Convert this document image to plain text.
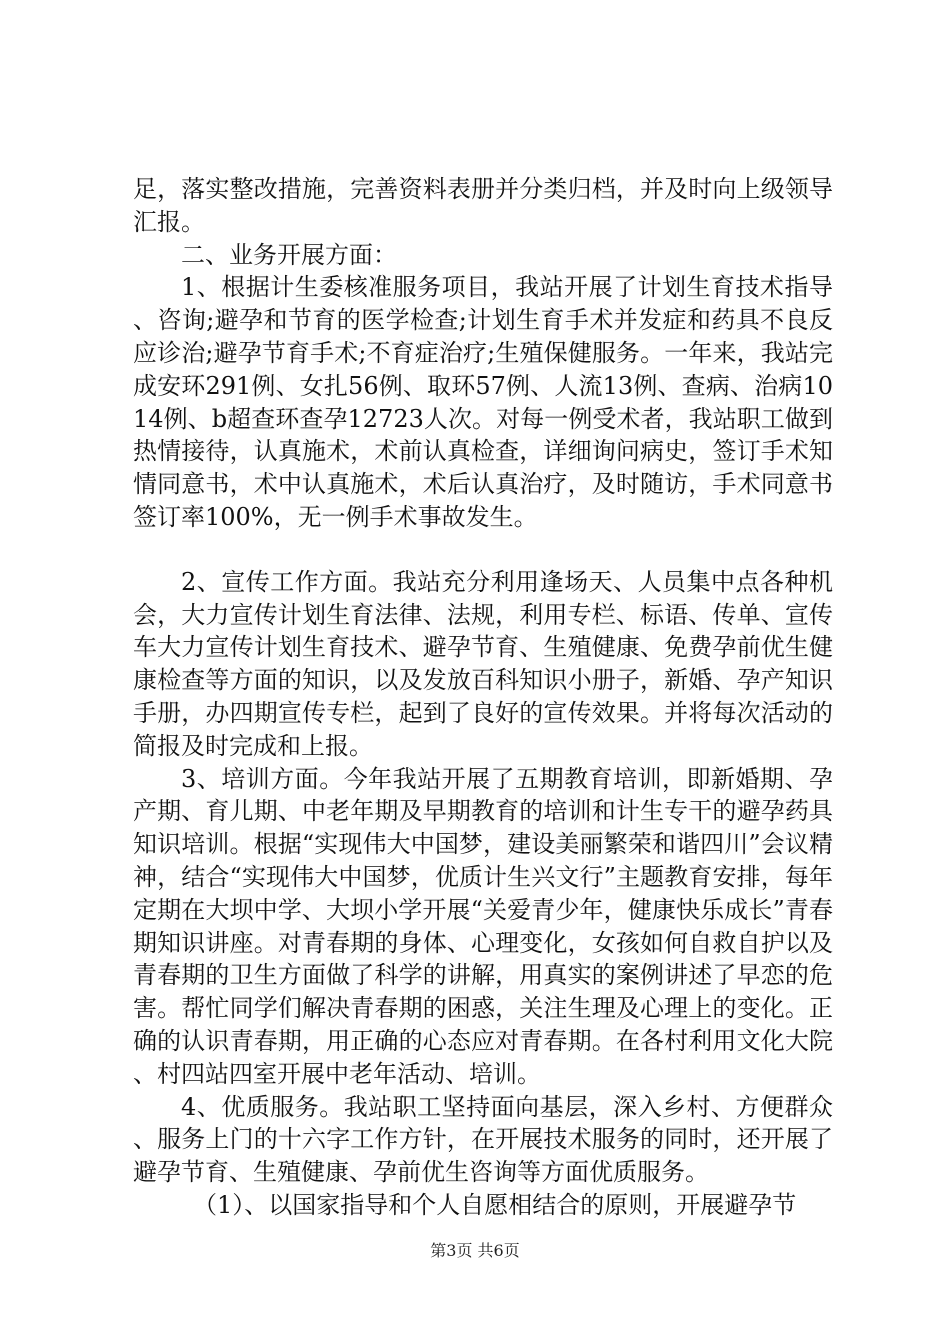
足，落实整改措施，完善资料表册并分类归档，并及时向上级领导汇报。

二、业务开展方面：

1、根据计生委核准服务项目，我站开展了计划生育技术指导、咨询;避孕和节育的医学检查;计划生育手术并发症和药具不良反应诊治;避孕节育手术;不育症治疗;生殖保健服务。一年来，我站完成安环291例、女扎56例、取环57例、人流13例、查病、治病1014例、b超查环查孕12723人次。对每一例受术者，我站职工做到热情接待，认真施术，术前认真检查，详细询问病史，签订手术知情同意书，术中认真施术，术后认真治疗，及时随访，手术同意书签订率100%，无一例手术事故发生。

2、宣传工作方面。我站充分利用逢场天、人员集中点各种机会，大力宣传计划生育法律、法规，利用专栏、标语、传单、宣传车大力宣传计划生育技术、避孕节育、生殖健康、免费孕前优生健康检查等方面的知识，以及发放百科知识小册子，新婚、孕产知识手册，办四期宣传专栏，起到了良好的宣传效果。并将每次活动的简报及时完成和上报。

3、培训方面。今年我站开展了五期教育培训，即新婚期、孕产期、育儿期、中老年期及早期教育的培训和计生专干的避孕药具知识培训。根据“实现伟大中国梦，建设美丽繁荣和谐四川”会议精神，结合“实现伟大中国梦，优质计生兴文行”主题教育安排，每年定期在大坝中学、大坝小学开展“关爱青少年，健康快乐成长”青春期知识讲座。对青春期的身体、心理变化，女孩如何自救自护以及青春期的卫生方面做了科学的讲解，用真实的案例讲述了早恋的危害。帮忙同学们解决青春期的困惑，关注生理及心理上的变化。正确的认识青春期，用正确的心态应对青春期。在各村利用文化大院、村四站四室开展中老年活动、培训。

4、优质服务。我站职工坚持面向基层，深入乡村、方便群众、服务上门的十六字工作方针，在开展技术服务的同时，还开展了避孕节育、生殖健康、孕前优生咨询等方面优质服务。

（1）、以国家指导和个人自愿相结合的原则，开展避孕节

第3页 共6页
